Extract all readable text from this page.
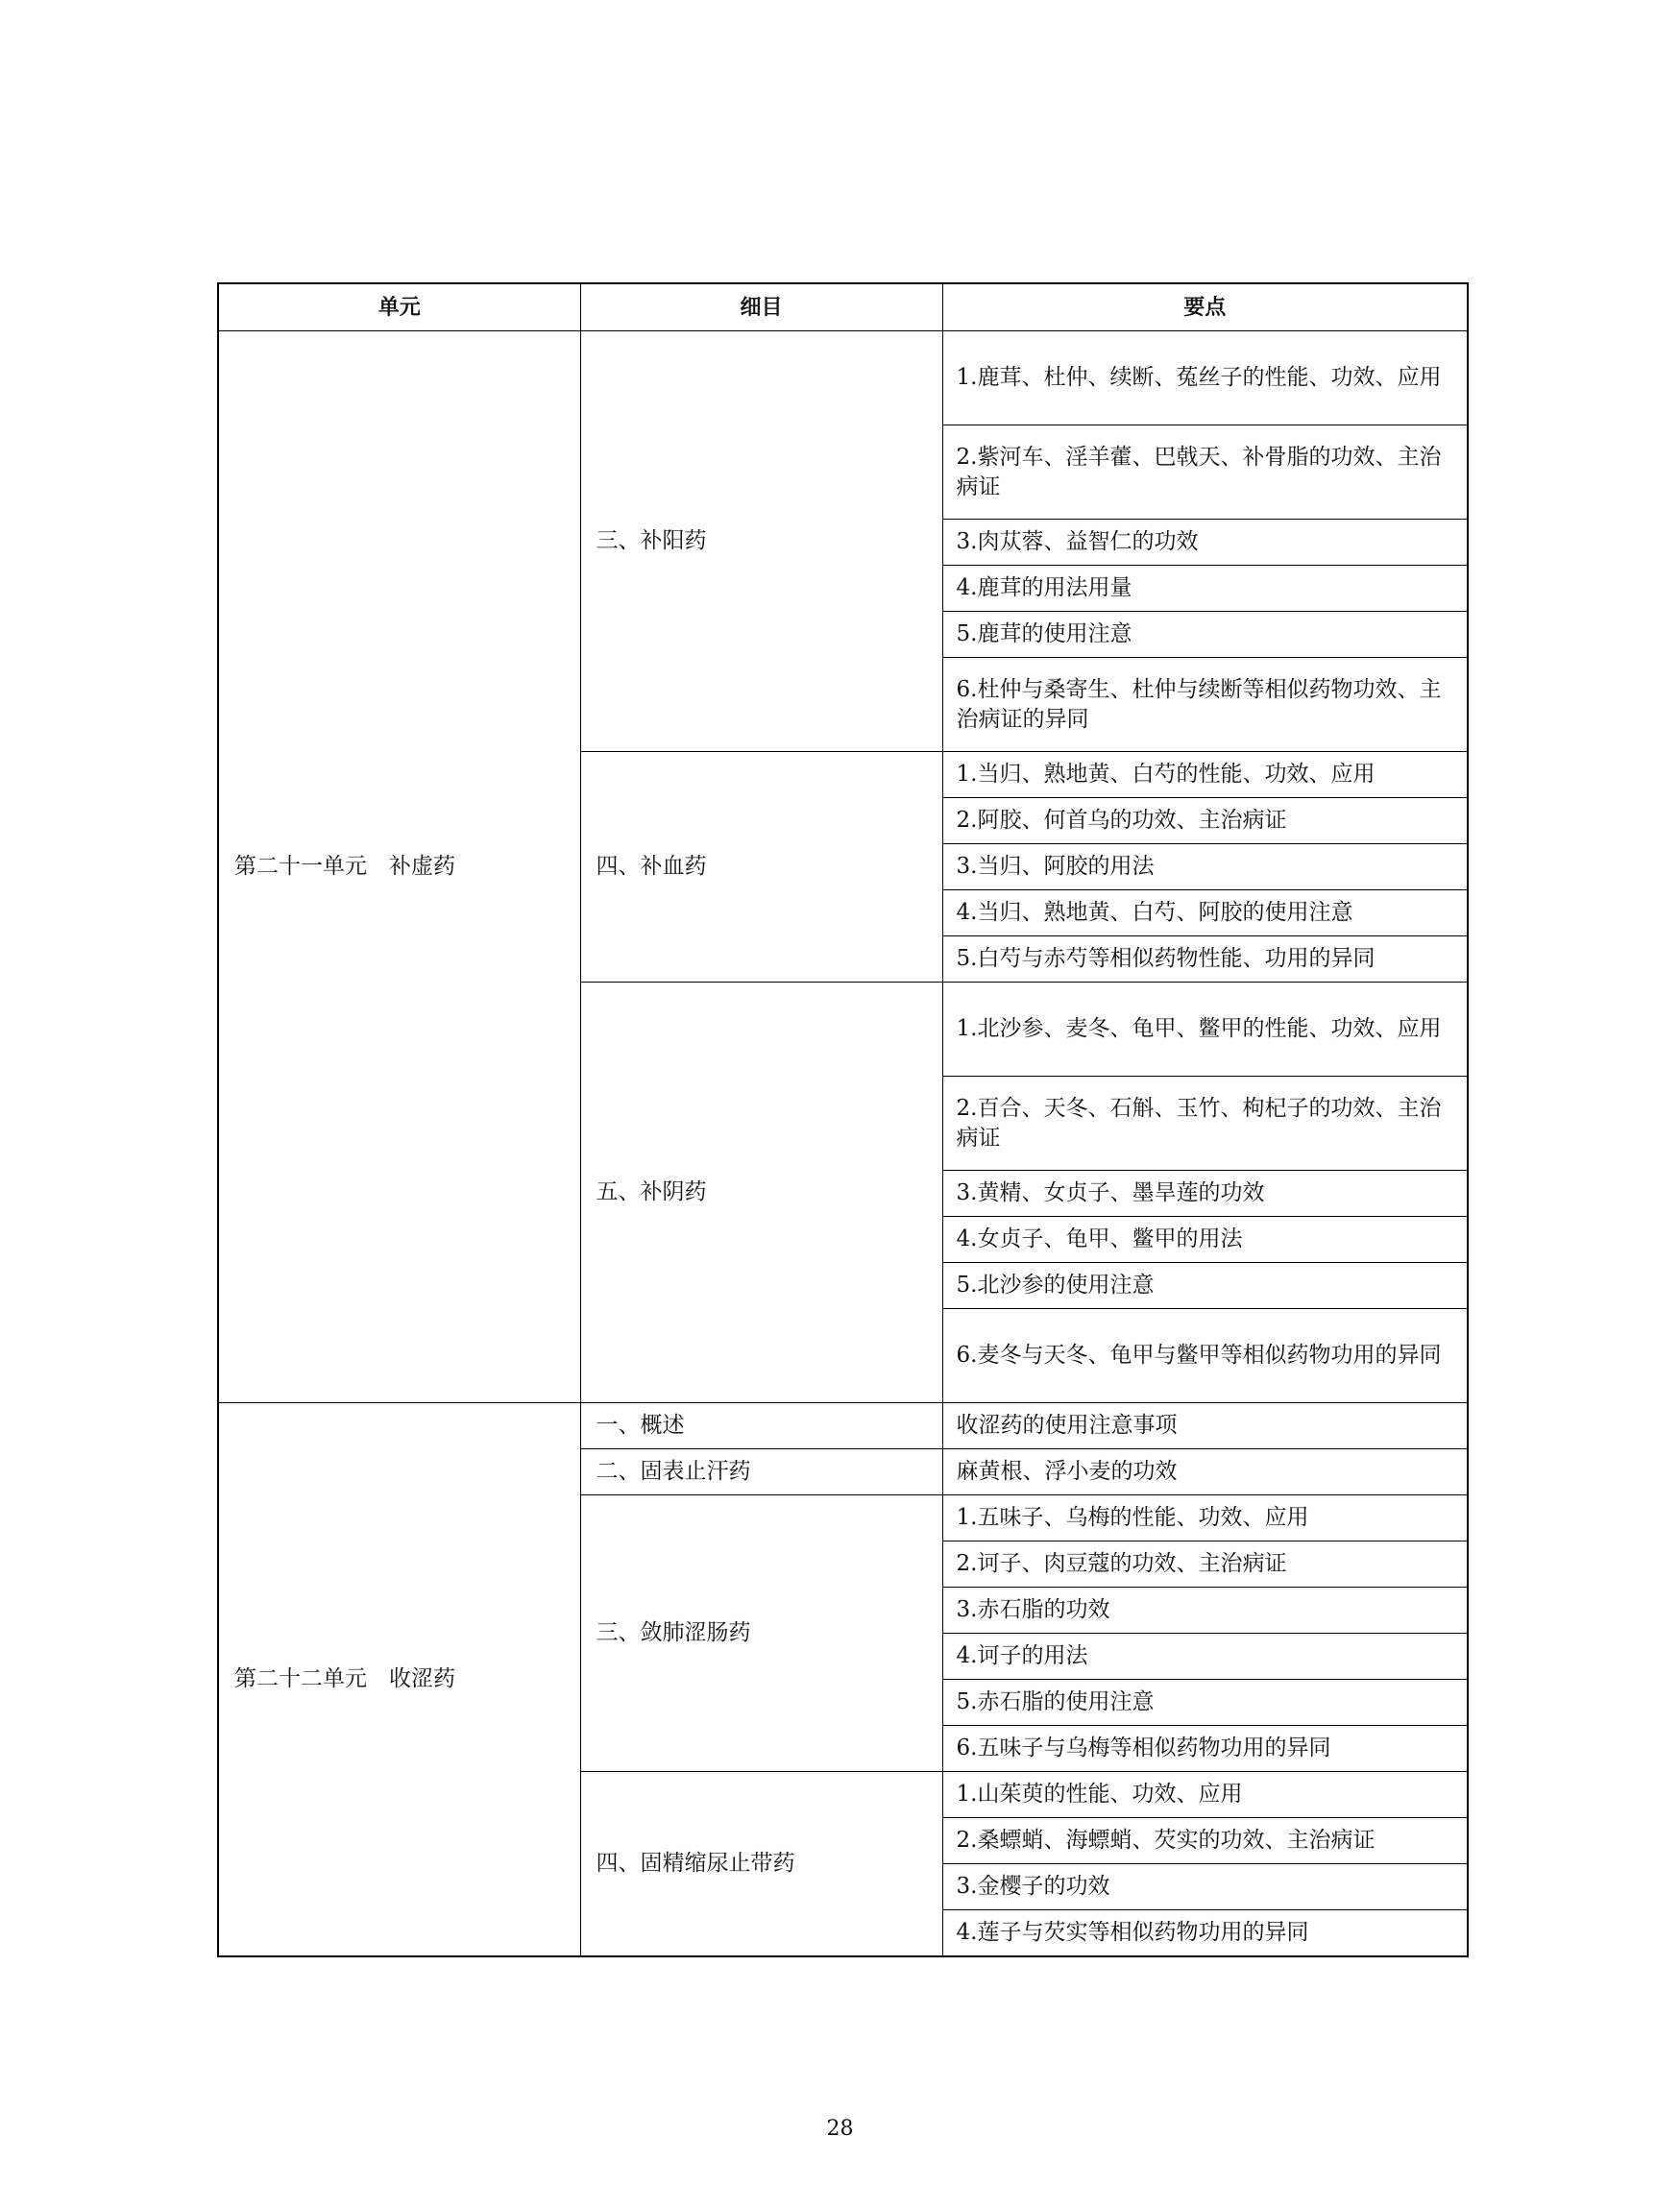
单元	细目	要点
第二十一单元　补虚药	三、补阳药	1.鹿茸、杜仲、续断、菟丝子的性能、功效、应用
		2.紫河车、淫羊藿、巴戟天、补骨脂的功效、主治病证
		3.肉苁蓉、益智仁的功效
		4.鹿茸的用法用量
		5.鹿茸的使用注意
		6.杜仲与桑寄生、杜仲与续断等相似药物功效、主治病证的异同
	四、补血药	1.当归、熟地黄、白芍的性能、功效、应用
		2.阿胶、何首乌的功效、主治病证
		3.当归、阿胶的用法
		4.当归、熟地黄、白芍、阿胶的使用注意
		5.白芍与赤芍等相似药物性能、功用的异同
	五、补阴药	1.北沙参、麦冬、龟甲、鳖甲的性能、功效、应用
		2.百合、天冬、石斛、玉竹、枸杞子的功效、主治病证
		3.黄精、女贞子、墨旱莲的功效
		4.女贞子、龟甲、鳖甲的用法
		5.北沙参的使用注意
		6.麦冬与天冬、龟甲与鳖甲等相似药物功用的异同
第二十二单元　收涩药	一、概述	收涩药的使用注意事项
	二、固表止汗药	麻黄根、浮小麦的功效
	三、敛肺涩肠药	1.五味子、乌梅的性能、功效、应用
		2.诃子、肉豆蔻的功效、主治病证
		3.赤石脂的功效
		4.诃子的用法
		5.赤石脂的使用注意
		6.五味子与乌梅等相似药物功用的异同
	四、固精缩尿止带药	1.山茱萸的性能、功效、应用
		2.桑螵蛸、海螵蛸、芡实的功效、主治病证
		3.金樱子的功效
		4.莲子与芡实等相似药物功用的异同
28
